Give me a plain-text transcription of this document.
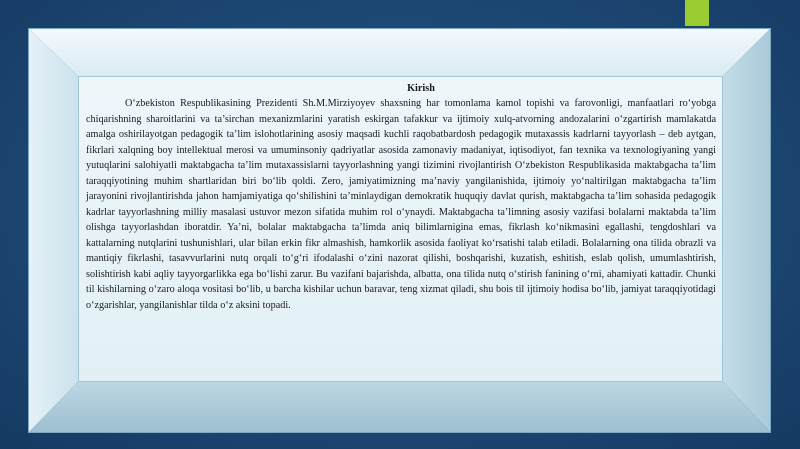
Kirish

O‘zbekiston Respublikasining Prezidenti Sh.M.Mirziyoyev shaxsning har tomonlama kamol topishi va farovonligi, manfaatlari ro‘yobga chiqarishning sharoitlarini va ta’sirchan mexanizmlarini yaratish eskirgan tafakkur va ijtimoiy xulq-atvorning andozalarini o‘zgartirish mamlakatda amalga oshirilayotgan pedagogik ta’lim islohotlarining asosiy maqsadi kuchli raqobatbardosh pedagogik mutaxassis kadrlarni tayyorlash – deb aytgan, fikrlari xalqning boy intellektual merosi va umuminsoniy qadriyatlar asosida zamonaviy madaniyat, iqtisodiyot, fan texnika va texnologiyaning yangi yutuqlarini salohiyatli maktabgacha ta’lim mutaxassislarni tayyorlashning yangi tizimini rivojlantirish O‘zbekiston Respublikasida maktabgacha ta’lim taraqqiyotining muhim shartlaridan biri bo‘lib qoldi. Zero, jamiyatimizning ma’naviy yangilanishida, ijtimoiy yo‘naltirilgan maktabgacha ta’lim jarayonini rivojlantirishda jahon hamjamiyatiga qo‘shilishini ta’minlaydigan demokratik huquqiy davlat qurish, maktabgacha ta’lim sohasida pedagogik kadrlar tayyorlashning milliy masalasi ustuvor mezon sifatida muhim rol o‘ynaydi. Maktabgacha ta’limning asosiy vazifasi bolalarni maktabda ta’lim olishga tayyorlashdan iboratdir. Ya’ni, bolalar maktabgacha ta’limda aniq bilimlarnigina emas, fikrlash ko‘nikmasini egallashi, tengdoshlari va kattalarning nutqlarini tushunishlari, ular bilan erkin fikr almashish, hamkorlik asosida faoliyat ko‘rsatishi talab etiladi. Bolalarning ona tilida obrazli va mantiqiy fikrlashi, tasavvurlarini nutq orqali to‘g‘ri ifodalashi o‘zini nazorat qilishi, boshqarishi, kuzatish, eshitish, eslab qolish, umumlashtirish, solishtirish kabi aqliy tayyorgarlikka ega bo‘lishi zarur. Bu vazifani bajarishda, albatta, ona tilida nutq o‘stirish fanining o‘rni, ahamiyati kattadir. Chunki til kishilarning o‘zaro aloqa vositasi bo‘lib, u barcha kishilar uchun baravar, teng xizmat qiladi, shu bois til ijtimoiy hodisa bo‘lib, jamiyat taraqqiyotidagi o‘zgarishlar, yangilanishlar tilda o‘z aksini topadi.
